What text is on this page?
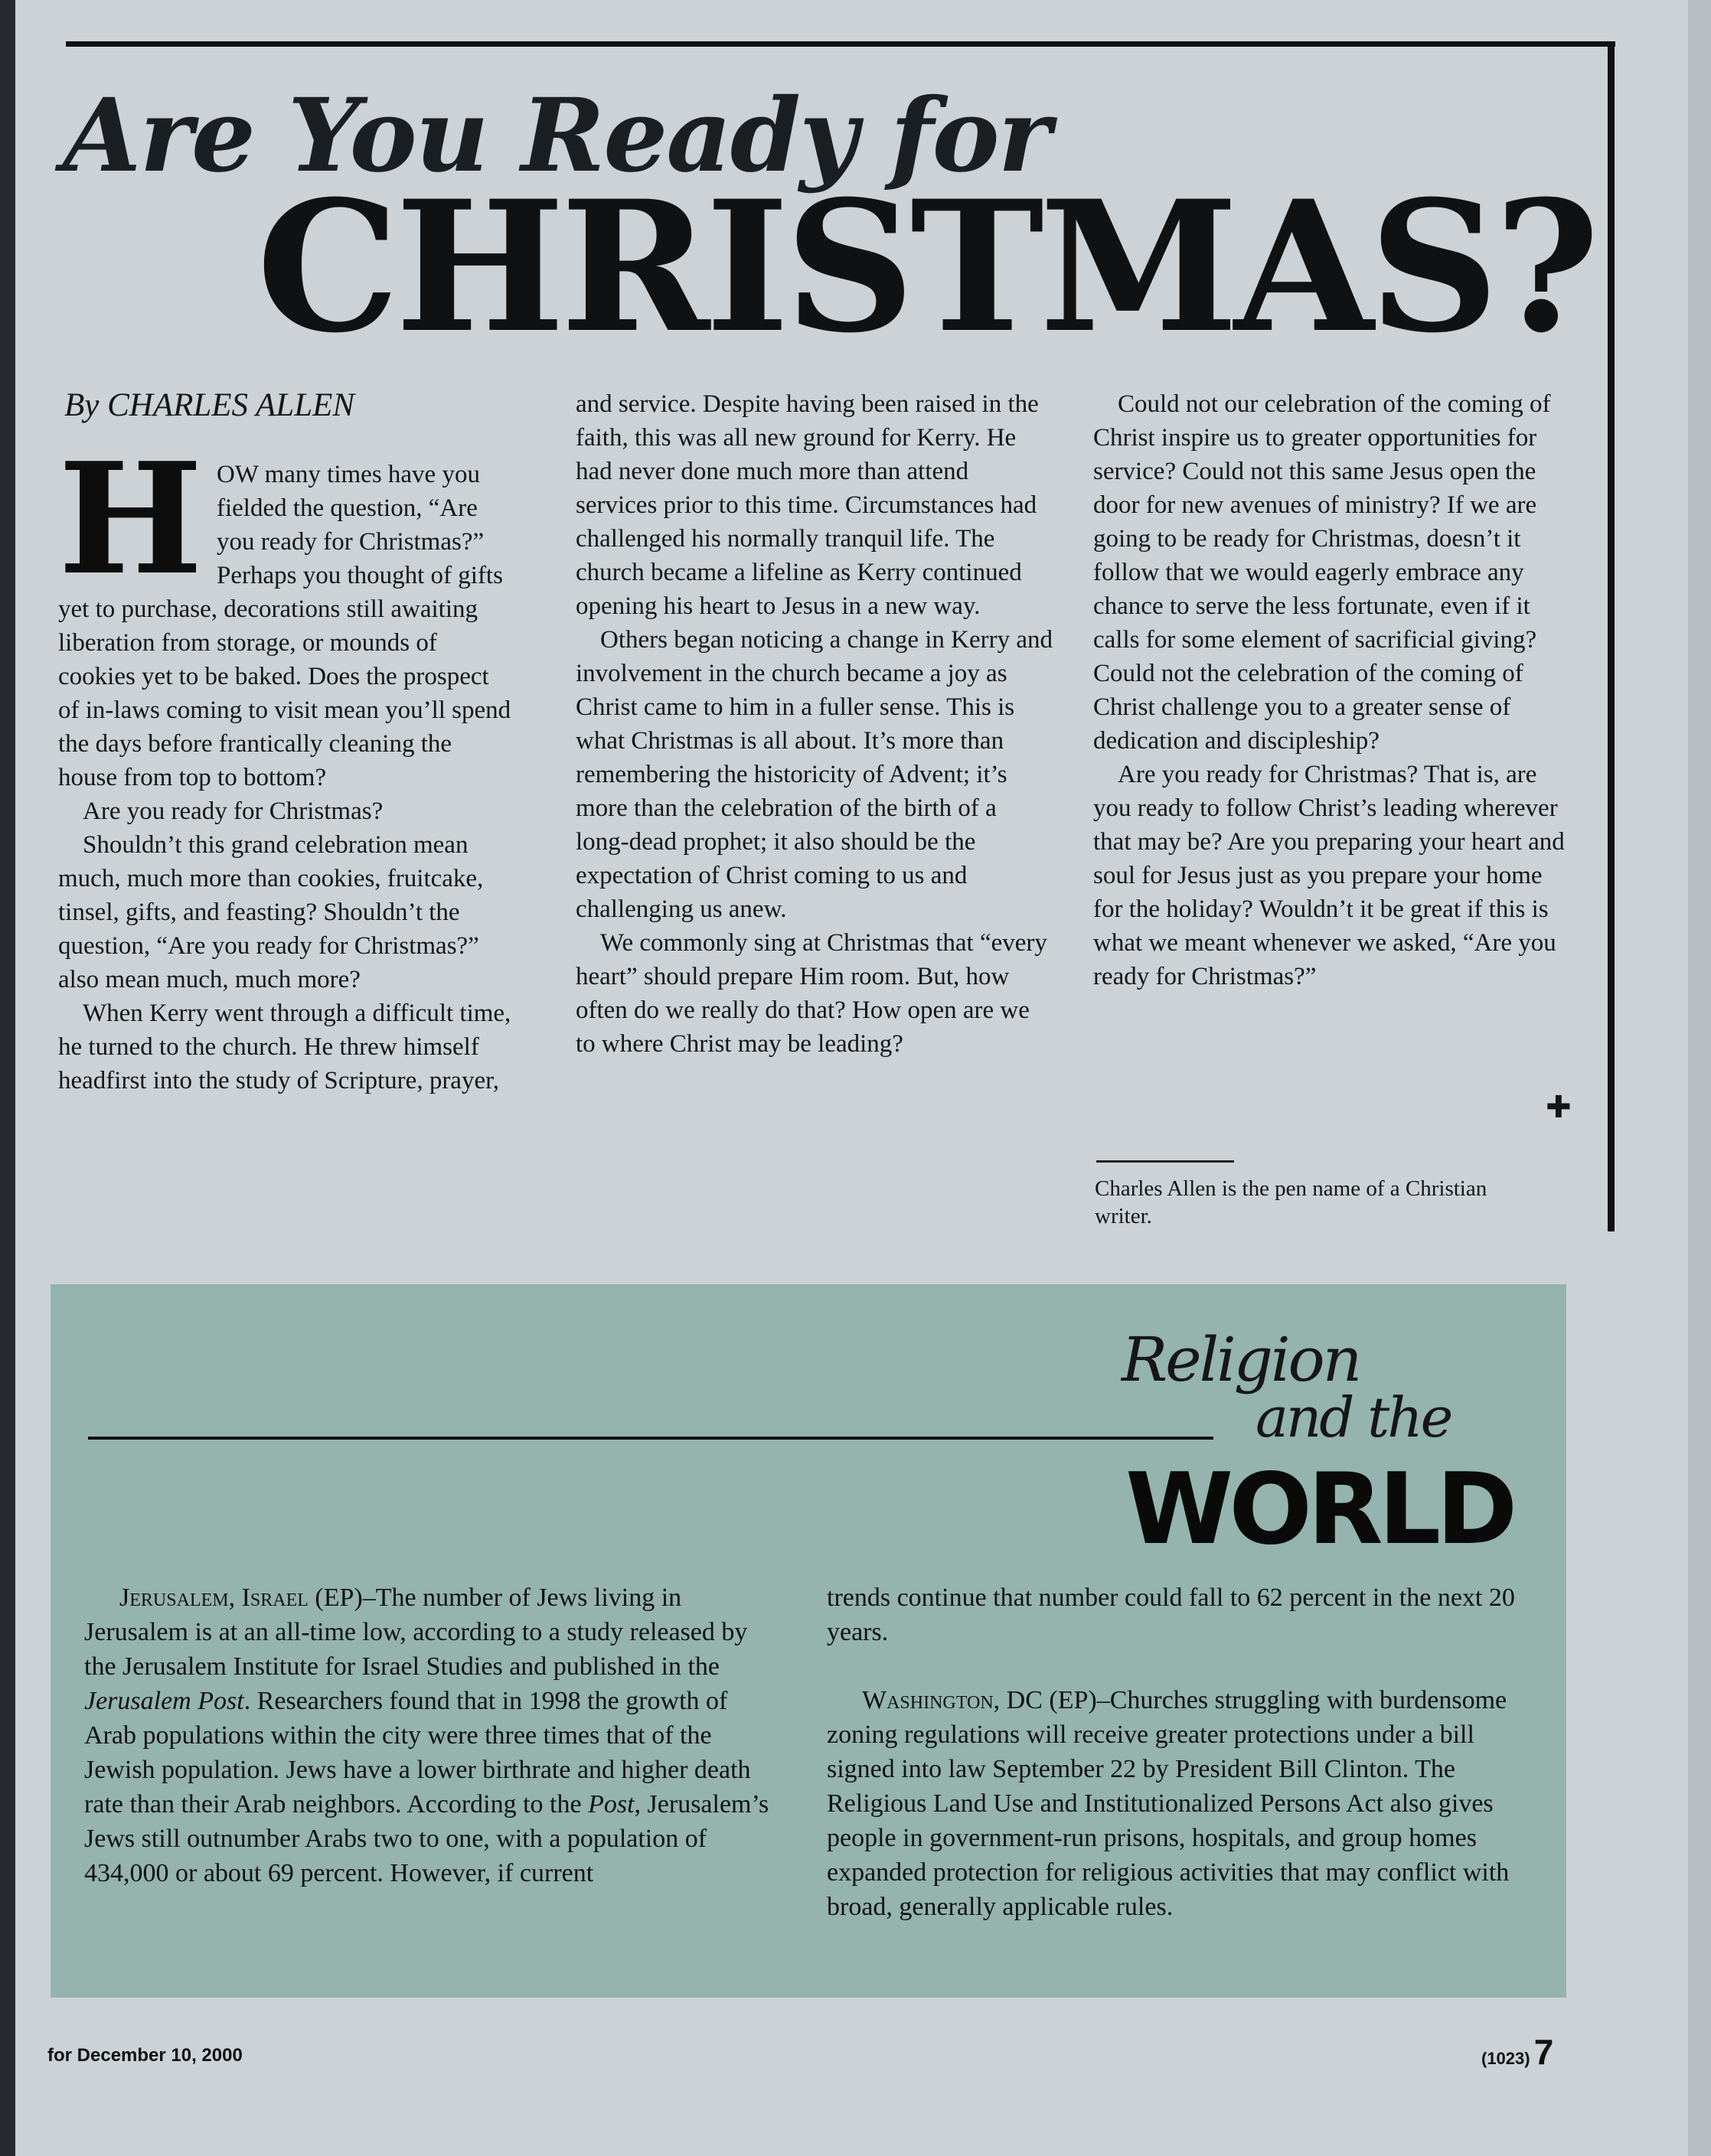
Are You Ready for
CHRISTMAS?

By CHARLES ALLEN

H OW many times have you fielded the question, “Are you ready for Christmas?” Perhaps you thought of gifts yet to purchase, decorations still awaiting liberation from storage, or mounds of cookies yet to be baked. Does the prospect of in-laws coming to visit mean you’ll spend the days before frantically cleaning the house from top to bottom?

Are you ready for Christmas?

Shouldn’t this grand celebration mean much, much more than cookies, fruitcake, tinsel, gifts, and feasting? Shouldn’t the question, “Are you ready for Christmas?” also mean much, much more?

When Kerry went through a difficult time, he turned to the church. He threw himself headfirst into the study of Scripture, prayer,

and service. Despite having been raised in the faith, this was all new ground for Kerry. He had never done much more than attend services prior to this time. Circumstances had challenged his normally tranquil life. The church became a lifeline as Kerry continued opening his heart to Jesus in a new way.

Others began noticing a change in Kerry and involvement in the church became a joy as Christ came to him in a fuller sense. This is what Christmas is all about. It’s more than remembering the historicity of Advent; it’s more than the celebration of the birth of a long-dead prophet; it also should be the expectation of Christ coming to us and challenging us anew.

We commonly sing at Christmas that “every heart” should prepare Him room. But, how often do we really do that? How open are we to where Christ may be leading?

Could not our celebration of the coming of Christ inspire us to greater opportunities for service? Could not this same Jesus open the door for new avenues of ministry? If we are going to be ready for Christmas, doesn’t it follow that we would eagerly embrace any chance to serve the less fortunate, even if it calls for some element of sacrificial giving? Could not the celebration of the coming of Christ challenge you to a greater sense of dedication and discipleship?

Are you ready for Christmas? That is, are you ready to follow Christ’s leading wherever that may be? Are you preparing your heart and soul for Jesus just as you prepare your home for the holiday? Wouldn’t it be great if this is what we meant whenever we asked, “Are you ready for Christmas?”

✚

Charles Allen is the pen name of a Christian writer.

Religion

and the

WORLD

Jerusalem, Israel (EP)–The number of Jews living in Jerusalem is at an all-time low, according to a study released by the Jerusalem Institute for Israel Studies and published in the Jerusalem Post. Researchers found that in 1998 the growth of Arab populations within the city were three times that of the Jewish population. Jews have a lower birthrate and higher death rate than their Arab neighbors. According to the Post, Jerusalem’s Jews still outnumber Arabs two to one, with a population of 434,000 or about 69 percent. However, if current

trends continue that number could fall to 62 percent in the next 20 years.

Washington, DC (EP)–Churches struggling with burdensome zoning regulations will receive greater protections under a bill signed into law September 22 by President Bill Clinton. The Religious Land Use and Institutionalized Persons Act also gives people in government-run prisons, hospitals, and group homes expanded protection for religious activities that may conflict with broad, generally applicable rules.

for December 10, 2000	(1023) 7
